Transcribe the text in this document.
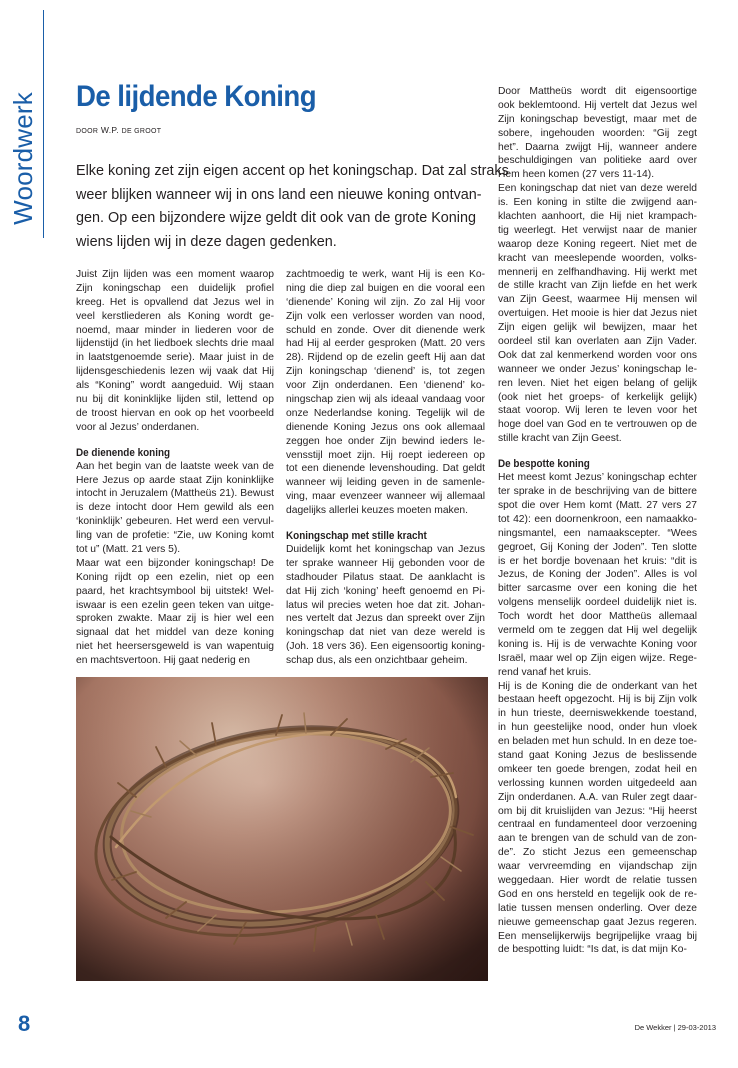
Woordwerk De lijdende Koning
DOOR W.P. DE GROOT
Elke koning zet zijn eigen accent op het koningschap. Dat zal straks
weer blijken wanneer wij in ons land een nieuwe koning ontvan-
gen. Op een bijzondere wijze geldt dit ook van de grote Koning
wiens lijden wij in deze dagen gedenken.
Juist Zijn lijden was een moment waarop
Zijn koningschap een duidelijk profiel
kreeg. Het is opvallend dat Jezus wel in
veel kerstliederen als Koning wordt ge-
noemd, maar minder in liederen voor de
lijdenstijd (in het liedboek slechts drie maal
in laatstgenoemde serie). Maar juist in de
lijdensgeschiedenis lezen wij vaak dat Hij
als “Koning” wordt aangeduid. Wij staan
nu bij dit koninklijke lijden stil, lettend op
de troost hiervan en ook op het voorbeeld
voor al Jezus’ onderdanen.
De dienende koning
Aan het begin van de laatste week van de
Here Jezus op aarde staat Zijn koninklijke
intocht in Jeruzalem (Mattheüs 21). Bewust
is deze intocht door Hem gewild als een
‘koninklijk’ gebeuren. Het werd een vervul-
ling van de profetie: “Zie, uw Koning komt
tot u” (Matt. 21 vers 5).
Maar wat een bijzonder koningschap! De
Koning rijdt op een ezelin, niet op een
paard, het krachtsymbool bij uitstek! Wel-
iswaar is een ezelin geen teken van uitge-
sproken zwakte. Maar zij is hier wel een
signaal dat het middel van deze koning
niet het heersersgeweld is van wapentuig
en machtsvertoon. Hij gaat nederig en
zachtmoedig te werk, want Hij is een Ko-
ning die diep zal buigen en die vooral een
‘dienende’ Koning wil zijn. Zo zal Hij voor
Zijn volk een verlosser worden van nood,
schuld en zonde. Over dit dienende werk
had Hij al eerder gesproken (Matt. 20 vers
28). Rijdend op de ezelin geeft Hij aan dat
Zijn koningschap ‘dienend’ is, tot zegen
voor Zijn onderdanen. Een ‘dienend’ ko-
ningschap zien wij als ideaal vandaag voor
onze Nederlandse koning. Tegelijk wil de
dienende Koning Jezus ons ook allemaal
zeggen hoe onder Zijn bewind ieders le-
vensstijl moet zijn. Hij roept iedereen op
tot een dienende levenshouding. Dat geldt
wanneer wij leiding geven in de samenle-
ving, maar evenzeer wanneer wij allemaal
dagelijks allerlei keuzes moeten maken.
Koningschap met stille kracht
Duidelijk komt het koningschap van Jezus
ter sprake wanneer Hij gebonden voor de
stadhouder Pilatus staat. De aanklacht is
dat Hij zich ‘koning’ heeft genoemd en Pi-
latus wil precies weten hoe dat zit. Johan-
nes vertelt dat Jezus dan spreekt over Zijn
koningschap dat niet van deze wereld is
(Joh. 18 vers 36). Een eigensoortig koning-
schap dus, als een onzichtbaar geheim.
Door Mattheüs wordt dit eigensoortige
ook beklemtoond. Hij vertelt dat Jezus wel
Zijn koningschap bevestigt, maar met de
sobere, ingehouden woorden: “Gij zegt
het”. Daarna zwijgt Hij, wanneer andere
beschuldigingen van politieke aard over
Hem heen komen (27 vers 11-14).
Een koningschap dat niet van deze wereld
is. Een koning in stilte die zwijgend aan-
klachten aanhoort, die Hij niet krampach-
tig weerlegt. Het verwijst naar de manier
waarop deze Koning regeert. Niet met de
kracht van meeslepende woorden, volks-
mennerij en zelfhandhaving. Hij werkt met
de stille kracht van Zijn liefde en het werk
van Zijn Geest, waarmee Hij mensen wil
overtuigen. Het mooie is hier dat Jezus niet
Zijn eigen gelijk wil bewijzen, maar het
oordeel stil kan overlaten aan Zijn Vader.
Ook dat zal kenmerkend worden voor ons
wanneer we onder Jezus’ koningschap le-
ren leven. Niet het eigen belang of gelijk
(ook niet het groeps- of kerkelijk gelijk)
staat voorop. Wij leren te leven voor het
hoge doel van God en te vertrouwen op de
stille kracht van Zijn Geest.
De bespotte koning
Het meest komt Jezus’ koningschap echter
ter sprake in de beschrijving van de bittere
spot die over Hem komt (Matt. 27 vers 27
tot 42): een doornenkroon, een namaakko-
ningsmantel, een namaakscepter. “Wees
gegroet, Gij Koning der Joden”. Ten slotte
is er het bordje bovenaan het kruis: “dit is
Jezus, de Koning der Joden”. Alles is vol
bitter sarcasme over een koning die het
volgens menselijk oordeel duidelijk niet is.
Toch wordt het door Mattheüs allemaal
vermeld om te zeggen dat Hij wel degelijk
koning is. Hij is de verwachte Koning voor
Israël, maar wel op Zijn eigen wijze. Rege-
rend vanaf het kruis.
Hij is de Koning die de onderkant van het
bestaan heeft opgezocht. Hij is bij Zijn volk
in hun trieste, deerniswekkende toestand,
in hun geestelijke nood, onder hun vloek
en beladen met hun schuld. In en deze toe-
stand gaat Koning Jezus de beslissende
omkeer ten goede brengen, zodat heil en
verlossing kunnen worden uitgedeeld aan
Zijn onderdanen. A.A. van Ruler zegt daar-
om bij dit kruislijden van Jezus: “Hij heerst
centraal en fundamenteel door verzoening
aan te brengen van de schuld van de zon-
de”. Zo sticht Jezus een gemeenschap
waar vervreemding en vijandschap zijn
weggedaan. Hier wordt de relatie tussen
God en ons hersteld en tegelijk ook de re-
latie tussen mensen onderling. Over deze
nieuwe gemeenschap gaat Jezus regeren.
Een menselijkerwijs begrijpelijke vraag bij
de bespotting luidt: “Is dat, is dat mijn Ko-
8	De Wekker | 29-03-2013
